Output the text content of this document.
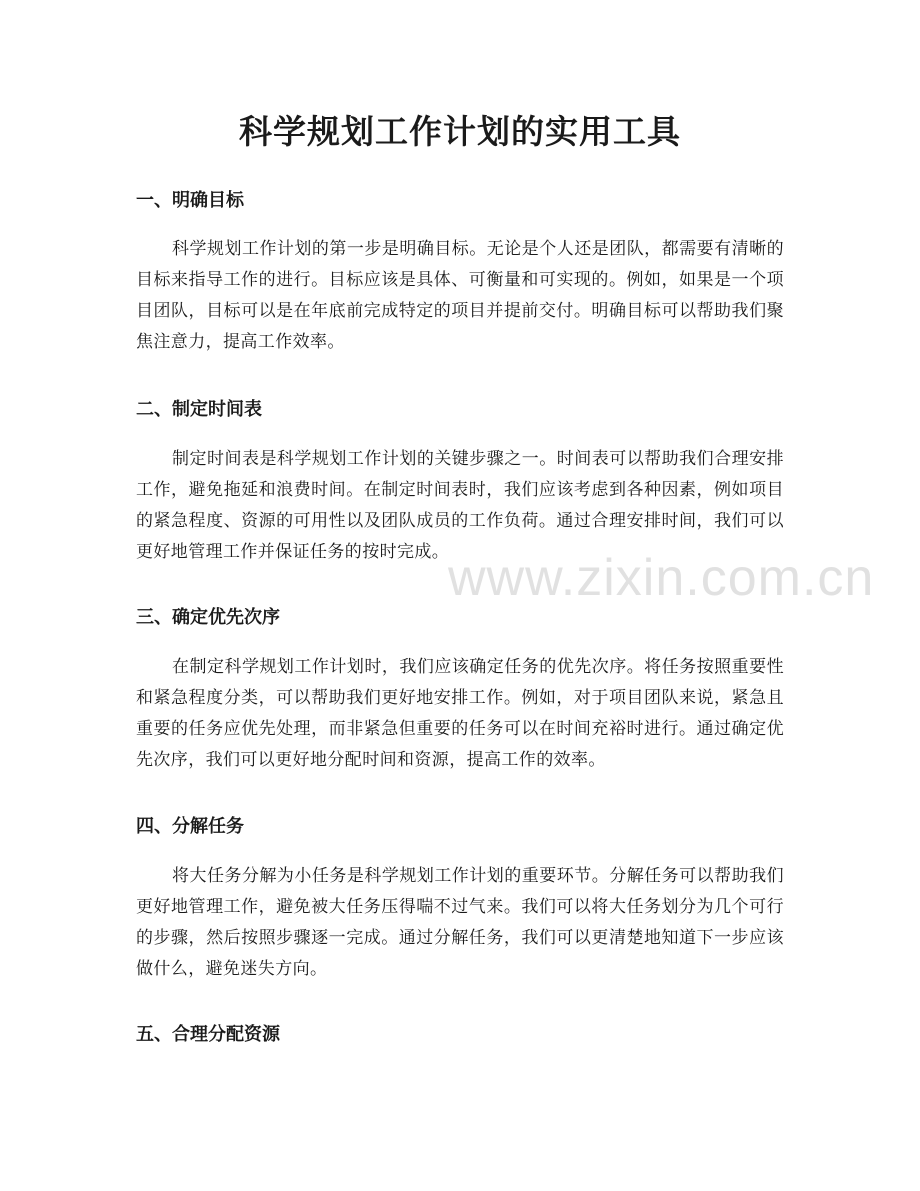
科学规划工作计划的实用工具
一、明确目标

科学规划工作计划的第一步是明确目标。无论是个人还是团队，都需要有清晰的目标来指导工作的进行。目标应该是具体、可衡量和可实现的。例如，如果是一个项目团队，目标可以是在年底前完成特定的项目并提前交付。明确目标可以帮助我们聚焦注意力，提高工作效率。

二、制定时间表

制定时间表是科学规划工作计划的关键步骤之一。时间表可以帮助我们合理安排工作，避免拖延和浪费时间。在制定时间表时，我们应该考虑到各种因素，例如项目的紧急程度、资源的可用性以及团队成员的工作负荷。通过合理安排时间，我们可以更好地管理工作并保证任务的按时完成。

三、确定优先次序

在制定科学规划工作计划时，我们应该确定任务的优先次序。将任务按照重要性和紧急程度分类，可以帮助我们更好地安排工作。例如，对于项目团队来说，紧急且重要的任务应优先处理，而非紧急但重要的任务可以在时间充裕时进行。通过确定优先次序，我们可以更好地分配时间和资源，提高工作的效率。

四、分解任务

将大任务分解为小任务是科学规划工作计划的重要环节。分解任务可以帮助我们更好地管理工作，避免被大任务压得喘不过气来。我们可以将大任务划分为几个可行的步骤，然后按照步骤逐一完成。通过分解任务，我们可以更清楚地知道下一步应该做什么，避免迷失方向。

五、合理分配资源
www.zixin.com.cn
